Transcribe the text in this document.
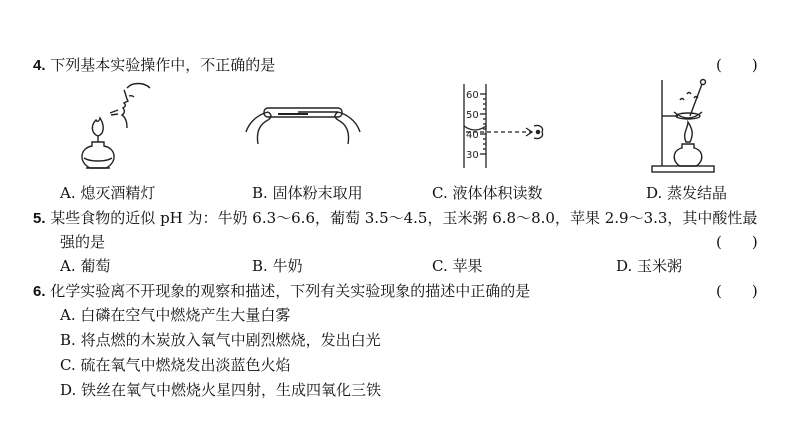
4. 下列基本实验操作中，不正确的是	(　　)
A. 熄灭酒精灯	B. 固体粉末取用
60
50
40
30
C. 液体体积读数	D. 蒸发结晶
5. 某些食物的近似 pH 为：牛奶 6.3～6.6，葡萄 3.5～4.5，玉米粥 6.8～8.0，苹果 2.9～3.3，其中酸性最
强的是	(　　)
A. 葡萄	B. 牛奶	C. 苹果	D. 玉米粥
6. 化学实验离不开现象的观察和描述，下列有关实验现象的描述中正确的是	(　　)
A. 白磷在空气中燃烧产生大量白雾
B. 将点燃的木炭放入氧气中剧烈燃烧，发出白光
C. 硫在氧气中燃烧发出淡蓝色火焰
D. 铁丝在氧气中燃烧火星四射，生成四氧化三铁
